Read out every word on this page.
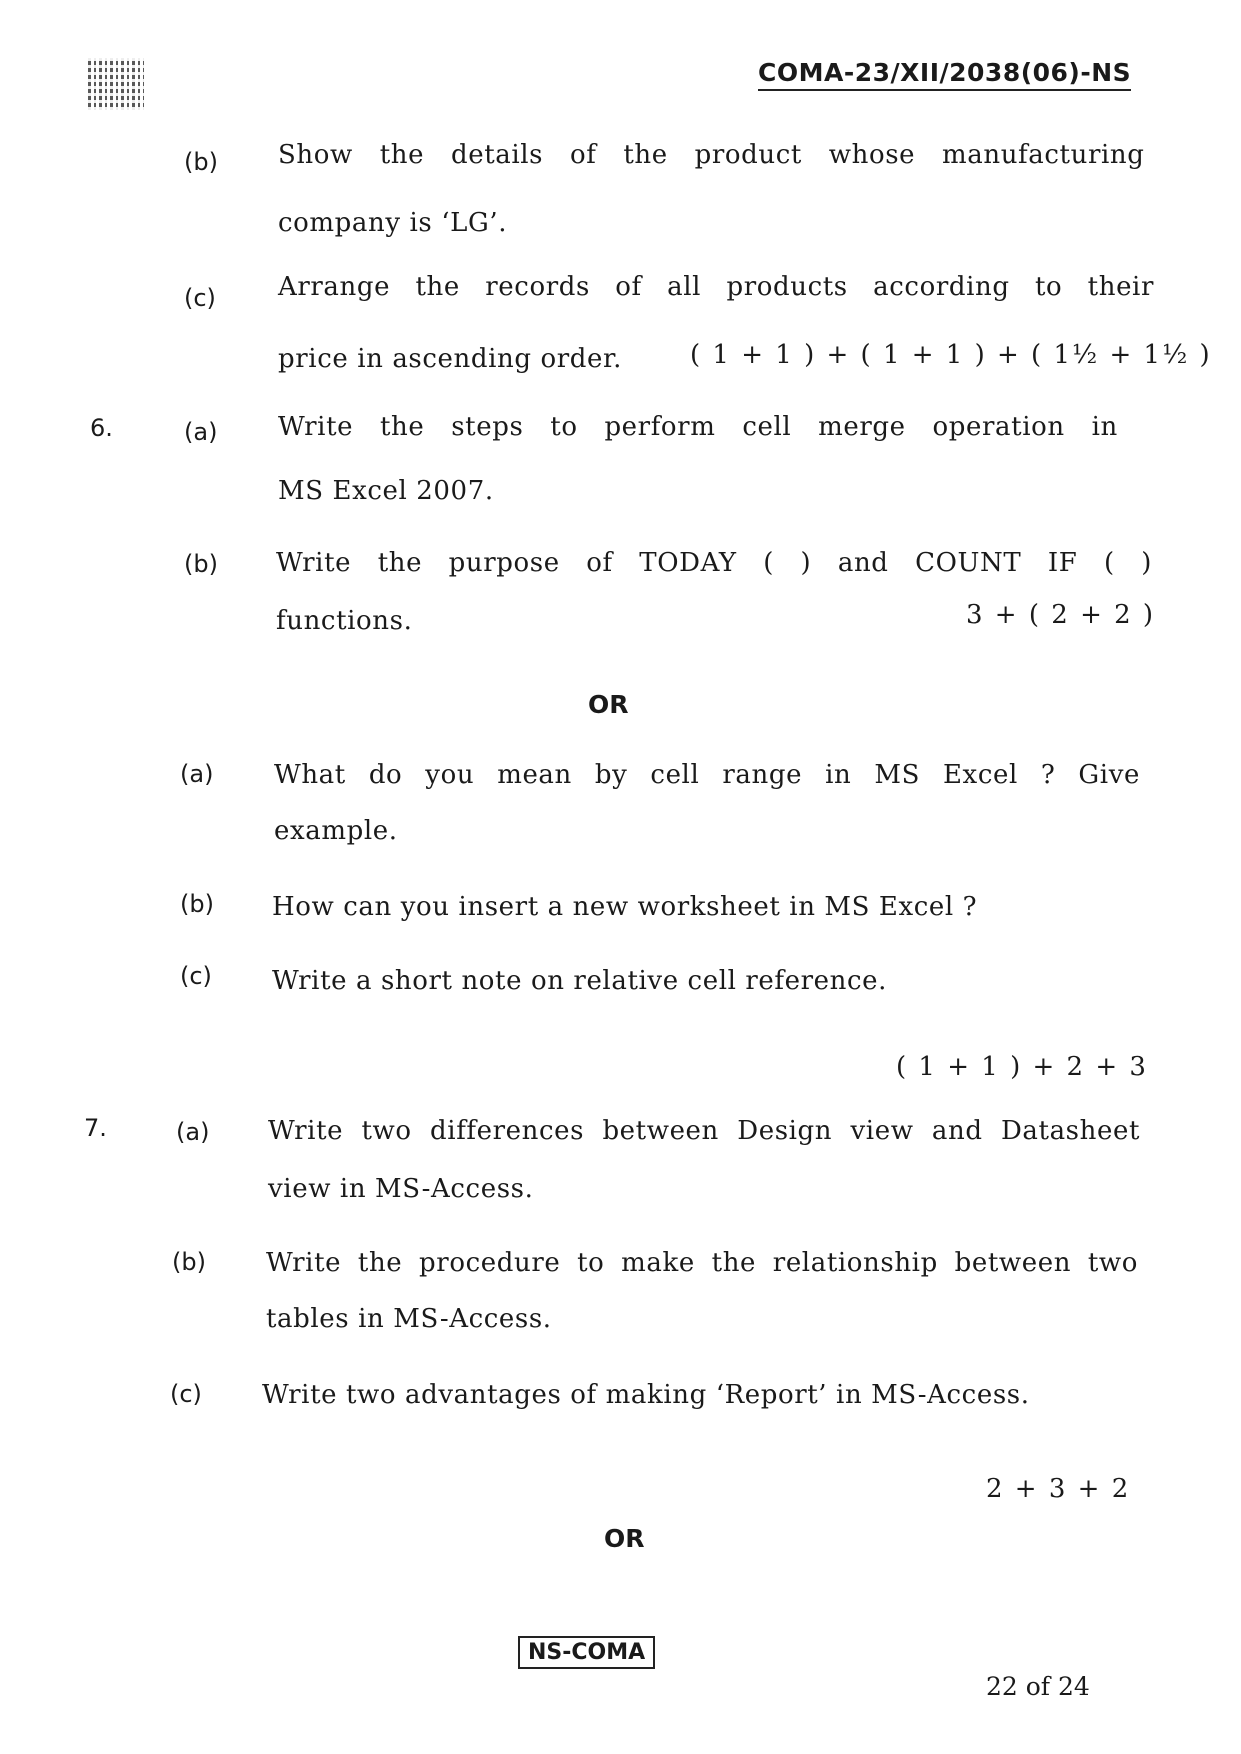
COMA-23/XII/2038(06)-NS
(b) Show the details of the product whose manufacturing
company is ‘LG’.
(c) Arrange the records of all products according to their
price in ascending order.	( 1 + 1 ) + ( 1 + 1 ) + ( 1½ + 1½ )
6.	(a) Write the steps to perform cell merge operation in
MS Excel 2007.
(b) Write the purpose of TODAY ( ) and COUNT IF ( )
functions.	3 + ( 2 + 2 )
OR
(a) What do you mean by cell range in MS Excel ? Give
example.
(b) How can you insert a new worksheet in MS Excel ?
(c) Write a short note on relative cell reference.
( 1 + 1 ) + 2 + 3
7.	(a) Write two differences between Design view and Datasheet
view in MS-Access.
(b) Write the procedure to make the relationship between two
tables in MS-Access.
(c) Write two advantages of making ‘Report’ in MS-Access.
2 + 3 + 2
OR
NS-COMA
22 of 24
